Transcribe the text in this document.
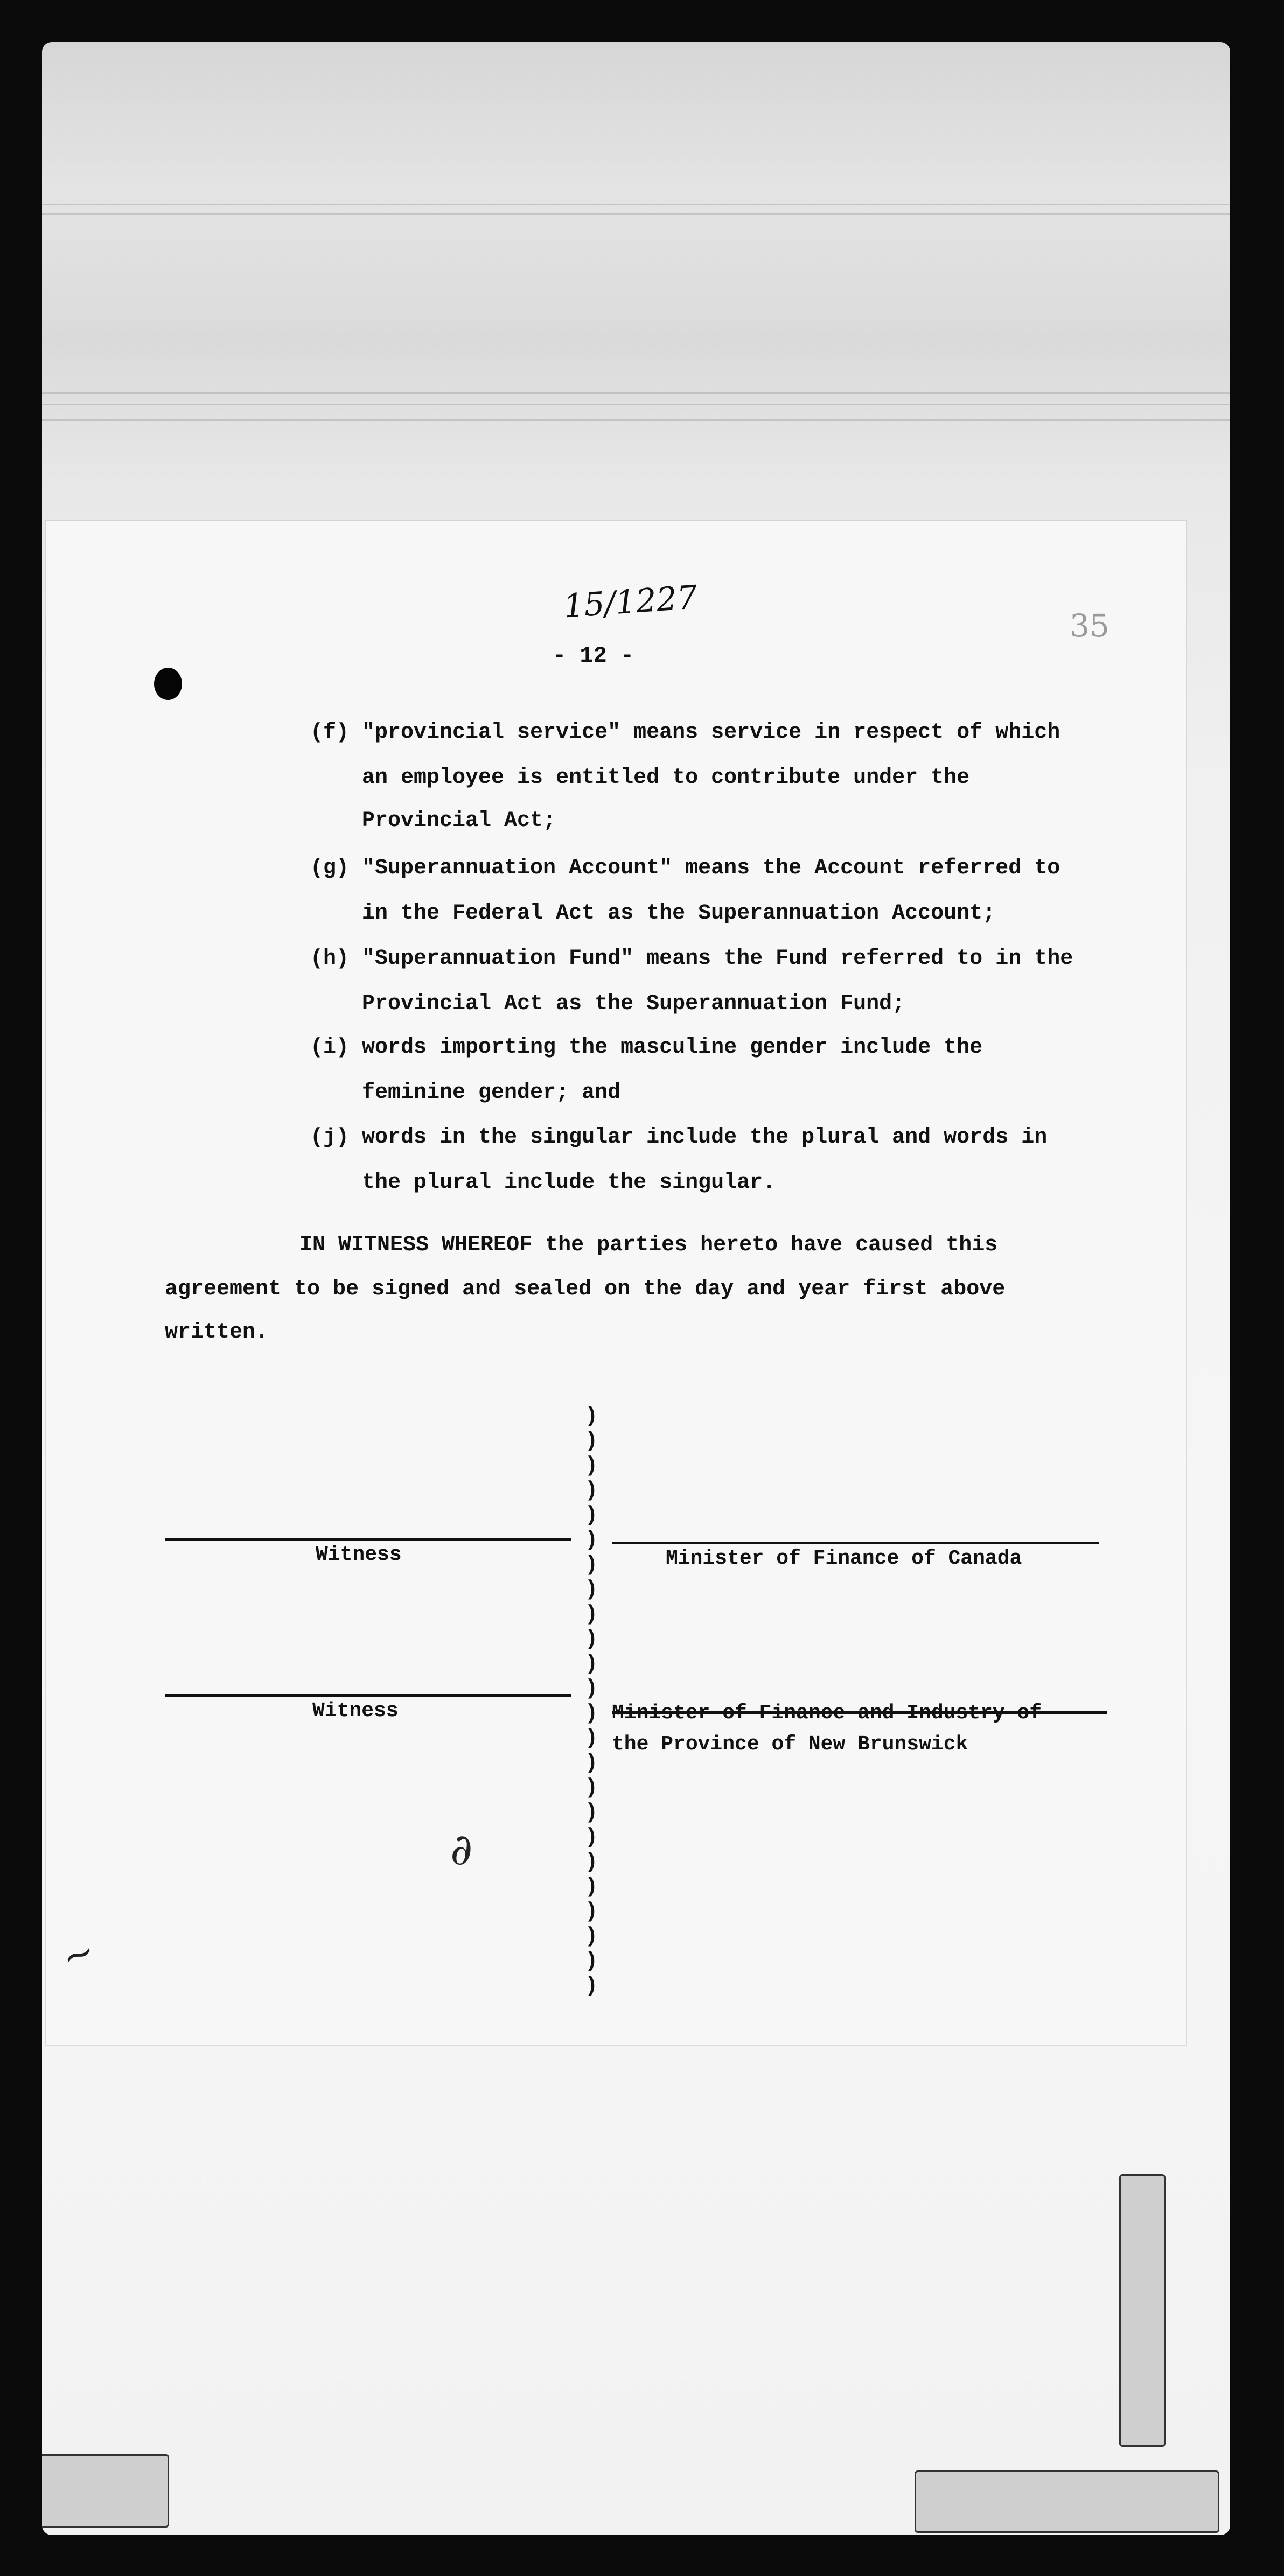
15/1227
35
- 12 -
(f) "provincial service" means service in respect of which
an employee is entitled to contribute under the
Provincial Act;
(g) "Superannuation Account" means the Account referred to
in the Federal Act as the Superannuation Account;
(h) "Superannuation Fund" means the Fund referred to in the
Provincial Act as the Superannuation Fund;
(i) words importing the masculine gender include the
feminine gender; and
(j) words in the singular include the plural and words in
the plural include the singular.
IN WITNESS WHEREOF the parties hereto have caused this
agreement to be signed and sealed on the day and year first above
written.
)
)
)
)
)
)
)
)
)
)
)
)
)
)
)
)
)
)
)
)
)
)
)
)
Witness	Minister of Finance of Canada
Witness	Minister of Finance and Industry of
the Province of New Brunswick
∂
~
